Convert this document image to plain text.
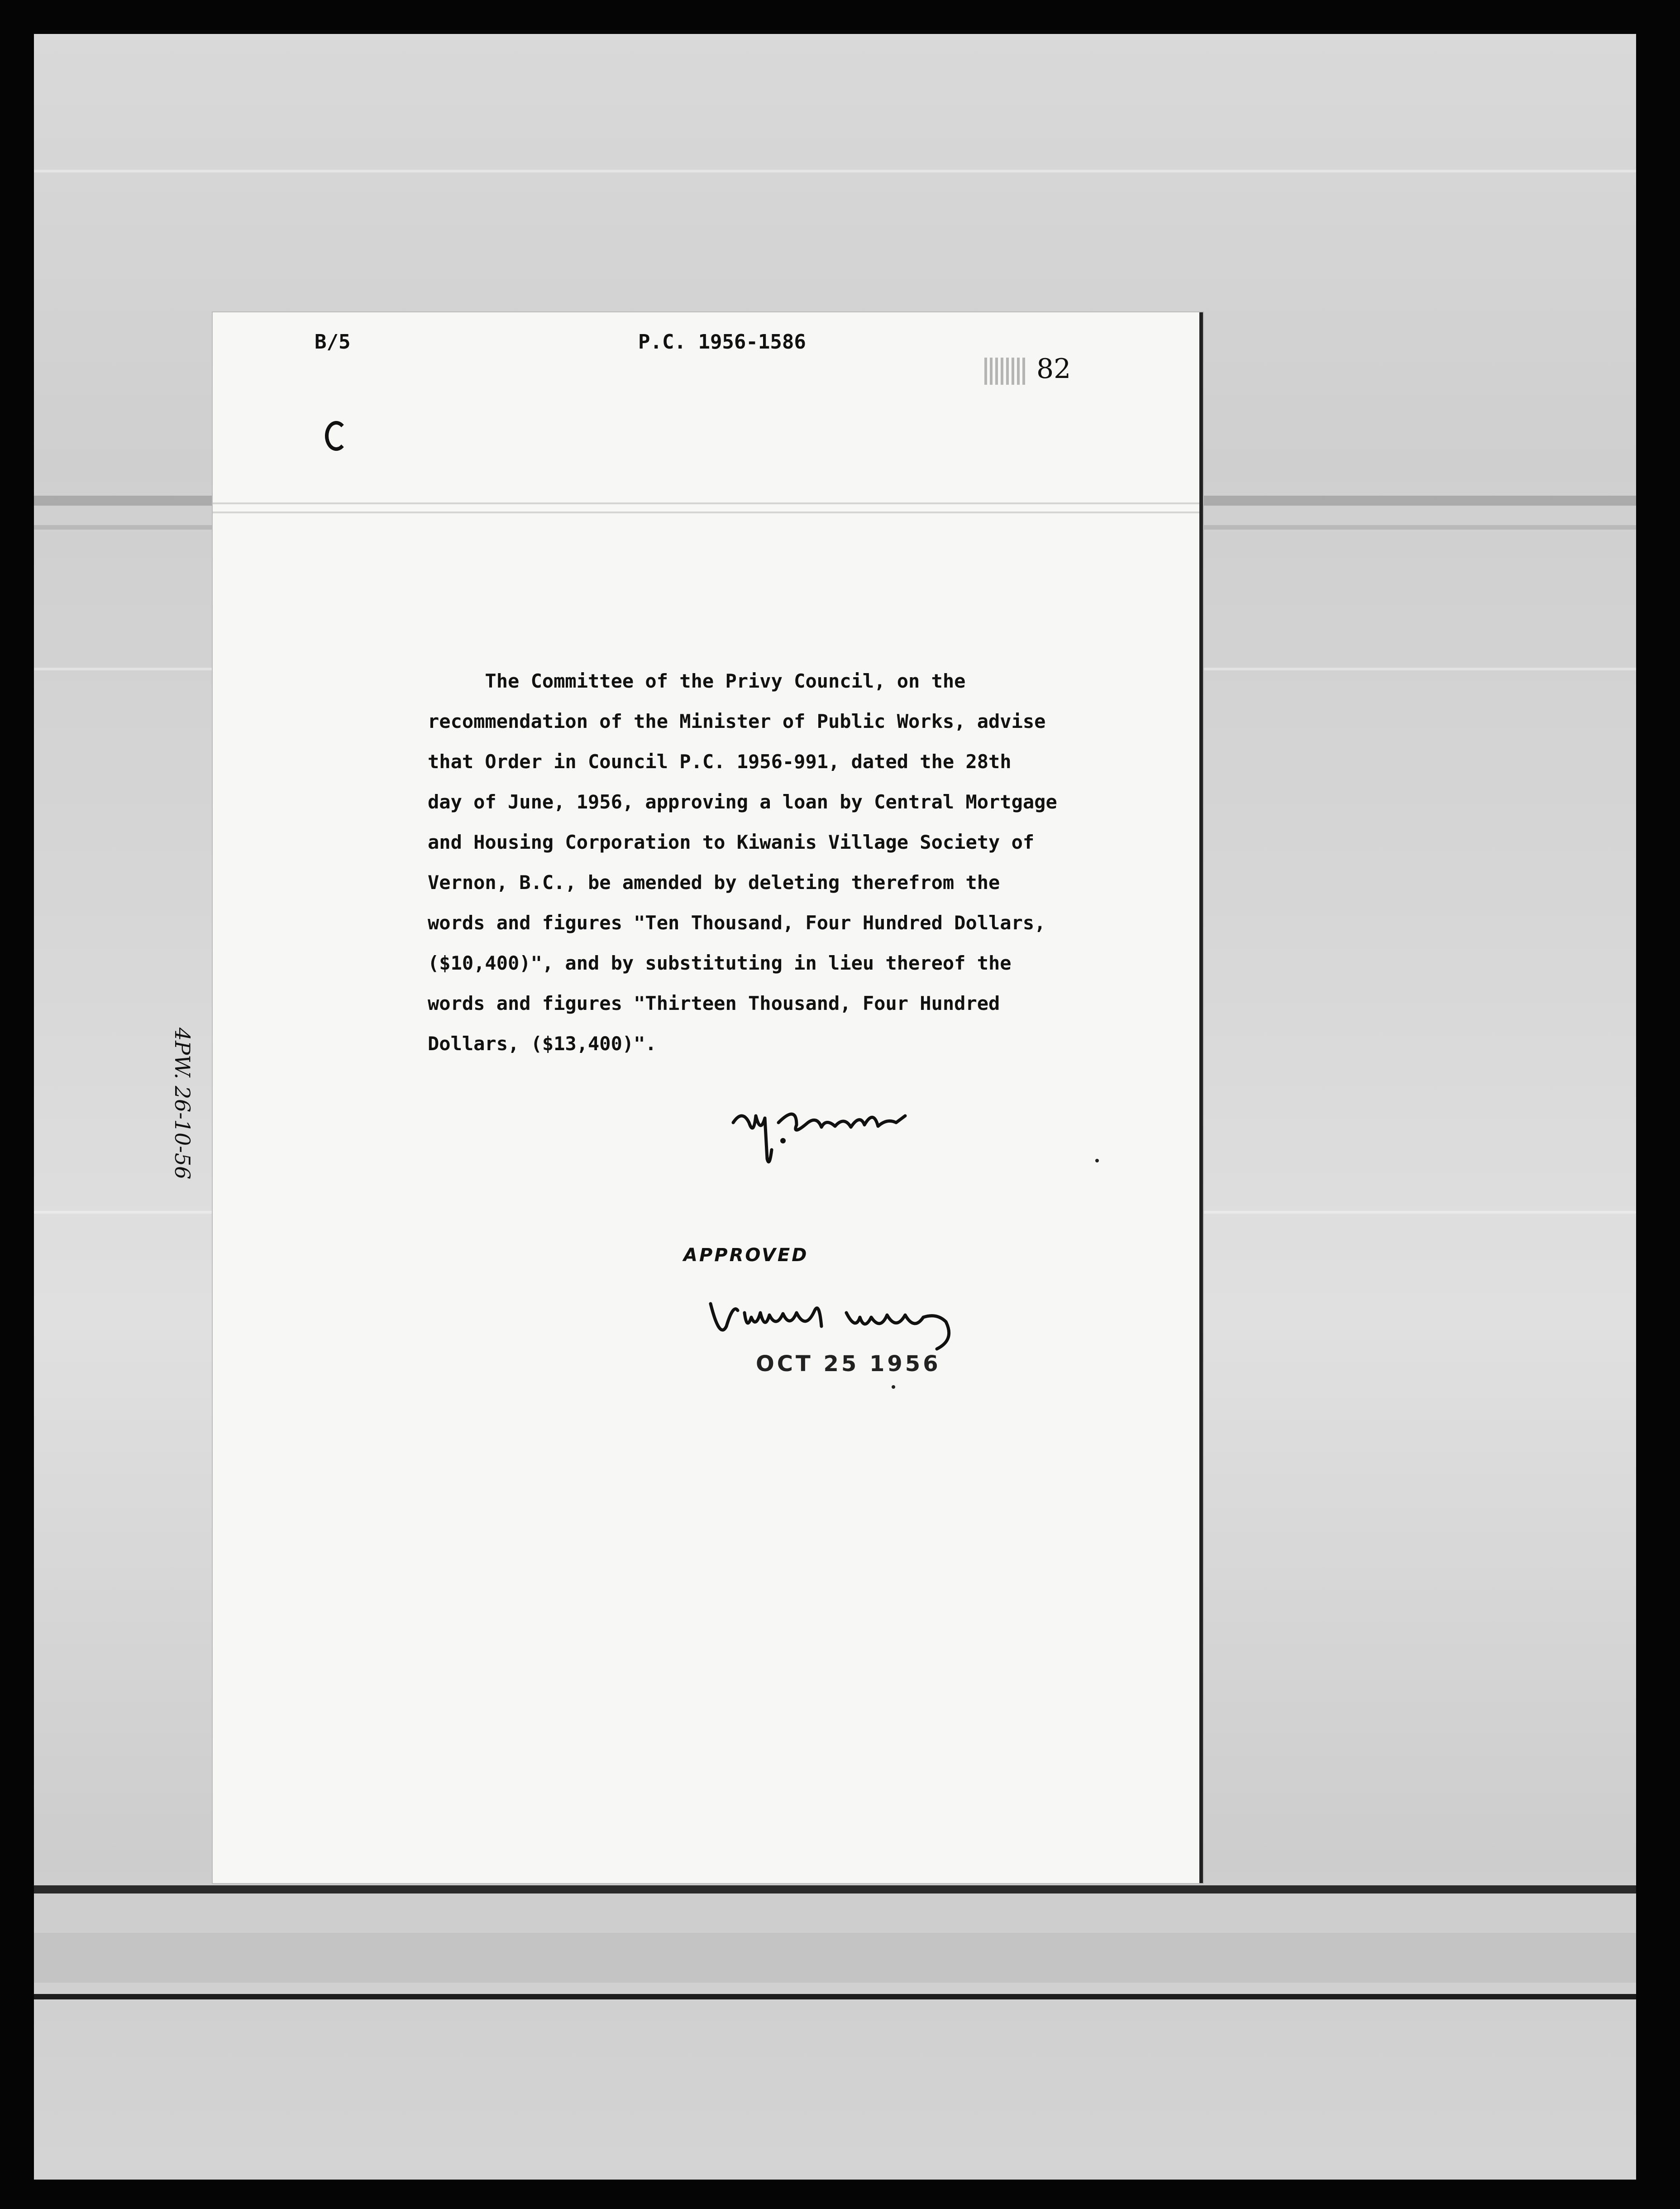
B/5	P.C. 1956-1586
82
The Committee of the Privy Council, on the
recommendation of the Minister of Public Works, advise
that Order in Council P.C. 1956-991, dated the 28th
day of June, 1956, approving a loan by Central Mortgage
and Housing Corporation to Kiwanis Village Society of
Vernon, B.C., be amended by deleting therefrom the
words and figures "Ten Thousand, Four Hundred Dollars,
($10,400)", and by substituting in lieu thereof the
words and figures "Thirteen Thousand, Four Hundred
Dollars, ($13,400)".
4PW. 26-10-56
APPROVED
OCT 25 1956
